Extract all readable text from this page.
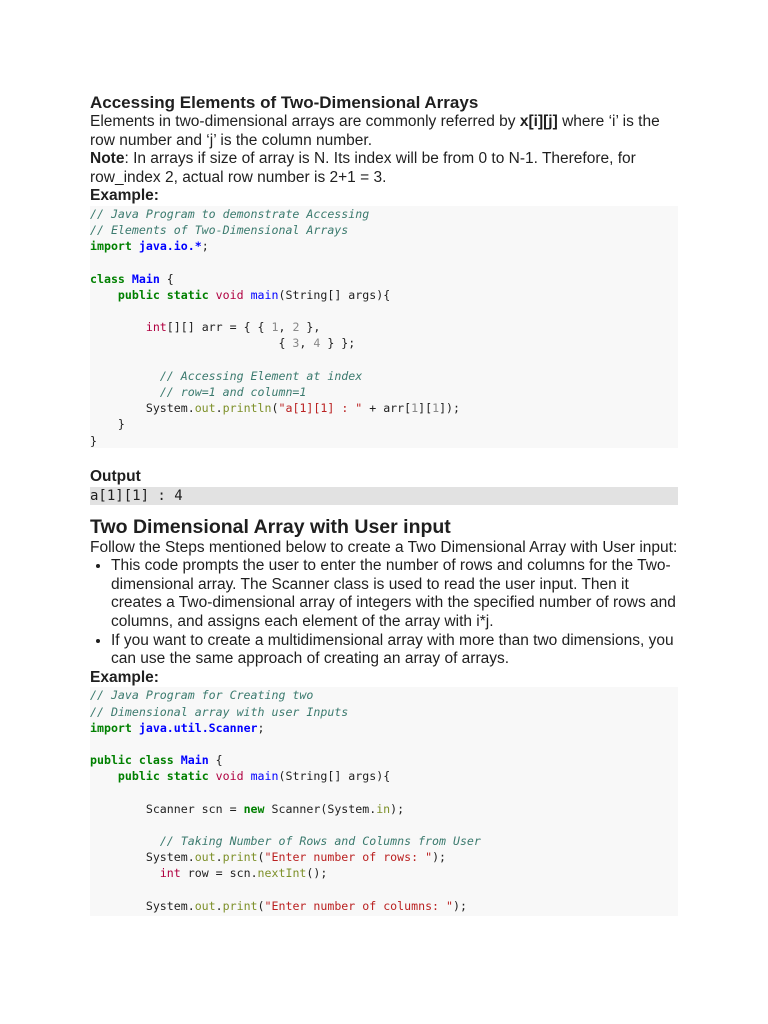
Accessing Elements of Two-Dimensional Arrays

Elements in two-dimensional arrays are commonly referred by x[i][j] where ‘i’ is the row number and ‘j’ is the column number.

Note: In arrays if size of array is N. Its index will be from 0 to N-1. Therefore, for row_index 2, actual row number is 2+1 = 3.

Example:
// Java Program to demonstrate Accessing
// Elements of Two-Dimensional Arrays
import java.io.*;

class Main {
public static void main(String[] args){

int[][] arr = { { 1, 2 },
{ 3, 4 } };

// Accessing Element at index
// row=1 and column=1
System.out.println("a[1][1] : " + arr[1][1]);
}
}
Output
a[1][1] : 4
Two Dimensional Array with User input

Follow the Steps mentioned below to create a Two Dimensional Array with User input:

• This code prompts the user to enter the number of rows and columns for the Two-dimensional array. The Scanner class is used to read the user input. Then it creates a Two-dimensional array of integers with the specified number of rows and columns, and assigns each element of the array with i*j.
• If you want to create a multidimensional array with more than two dimensions, you can use the same approach of creating an array of arrays.
Example:
// Java Program for Creating two
// Dimensional array with user Inputs
import java.util.Scanner;

public class Main {
public static void main(String[] args){

Scanner scn = new Scanner(System.in);

// Taking Number of Rows and Columns from User
System.out.print("Enter number of rows: ");
int row = scn.nextInt();

System.out.print("Enter number of columns: ");
